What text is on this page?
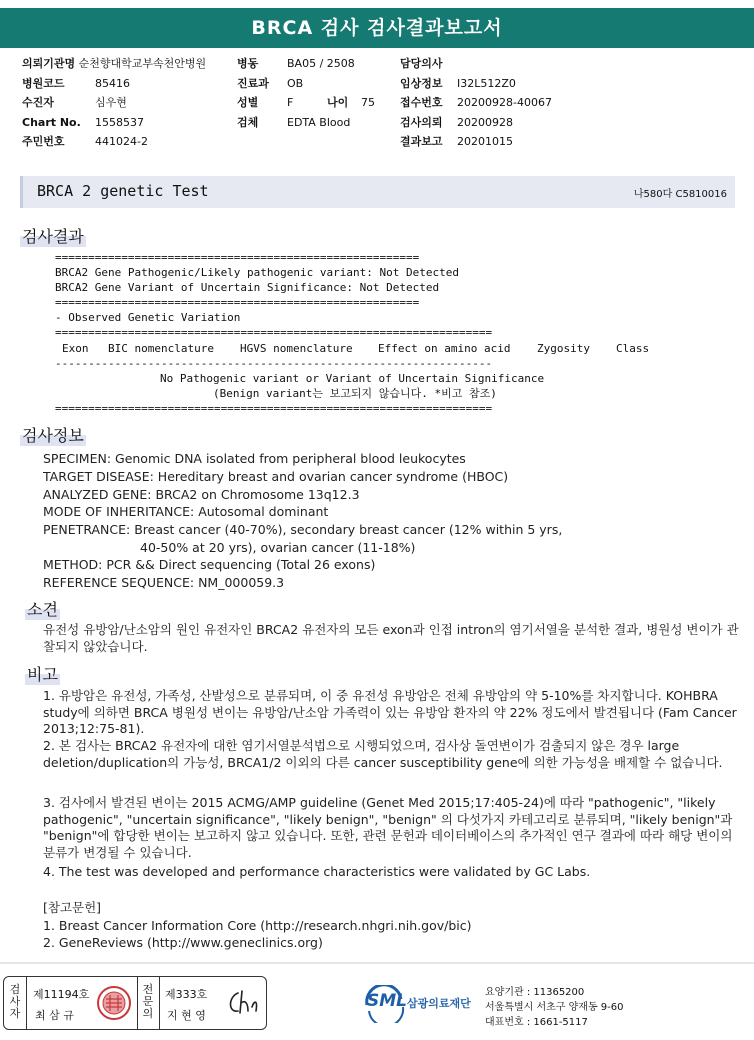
BRCA 검사 검사결과보고서
의뢰기관명 순천향대학교부속천안병원	병동	BA05 / 2508	담당의사
병원코드	85416	진료과 OB	임상정보 I32L512Z0
수진자	심우현	성별	F	나이 75 접수번호 20200928-40067
Chart No. 1558537	검체	EDTA Blood	검사의뢰 20200928
주민번호	441024-2	결과보고 20201015
BRCA 2 genetic Test	나580다 C5810016
검사결과
=======================================================
BRCA2 Gene Pathogenic/Likely pathogenic variant: Not Detected
BRCA2 Gene Variant of Uncertain Significance: Not Detected
=======================================================
- Observed Genetic Variation
==================================================================
Exon BIC nomenclature HGVS nomenclature Effect on amino acid Zygosity Class
------------------------------------------------------------------
No Pathogenic variant or Variant of Uncertain Significance
(Benign variant는 보고되지 않습니다. *비고 참조)
==================================================================
검사정보
SPECIMEN: Genomic DNA isolated from peripheral blood leukocytes
TARGET DISEASE: Hereditary breast and ovarian cancer syndrome (HBOC)
ANALYZED GENE: BRCA2 on Chromosome 13q12.3
MODE OF INHERITANCE: Autosomal dominant
PENETRANCE: Breast cancer (40-70%), secondary breast cancer (12% within 5 yrs,
40-50% at 20 yrs), ovarian cancer (11-18%)
METHOD: PCR && Direct sequencing (Total 26 exons)
REFERENCE SEQUENCE: NM_000059.3
소견
유전성 유방암/난소암의 원인 유전자인 BRCA2 유전자의 모든 exon과 인접 intron의 염기서열을 분석한 결과, 병원성 변이가 관찰되지 않았습니다.
비고
1. 유방암은 유전성, 가족성, 산발성으로 분류되며, 이 중 유전성 유방암은 전체 유방암의 약 5-10%를 차지합니다. KOHBRA study에 의하면 BRCA 병원성 변이는 유방암/난소암 가족력이 있는 유방암 환자의 약 22% 정도에서 발견됩니다 (Fam Cancer 2013;12:75-81).
2. 본 검사는 BRCA2 유전자에 대한 염기서열분석법으로 시행되었으며, 검사상 돌연변이가 검출되지 않은 경우 large deletion/duplication의 가능성, BRCA1/2 이외의 다른 cancer susceptibility gene에 의한 가능성을 배제할 수 없습니다.
3. 검사에서 발견된 변이는 2015 ACMG/AMP guideline (Genet Med 2015;17:405-24)에 따라 "pathogenic", "likely pathogenic", "uncertain significance", "likely benign", "benign" 의 다섯가지 카테고리로 분류되며, "likely benign"과 "benign"에 합당한 변이는 보고하지 않고 있습니다. 또한, 관련 문헌과 데이터베이스의 추가적인 연구 결과에 따라 해당 변이의 분류가 변경될 수 있습니다.
4. The test was developed and performance characteristics were validated by GC Labs.
[참고문헌]
1. Breast Cancer Information Core (http://research.nhgri.nih.gov/bic)
2. GeneReviews (http://www.geneclinics.org)
검
사
자
제11194호
최 삼 규
전
문
의
제333호
지 현 영
SML 삼광의료재단
요양기관 : 11365200
서울특별시 서초구 양재동 9-60
대표번호 : 1661-5117
